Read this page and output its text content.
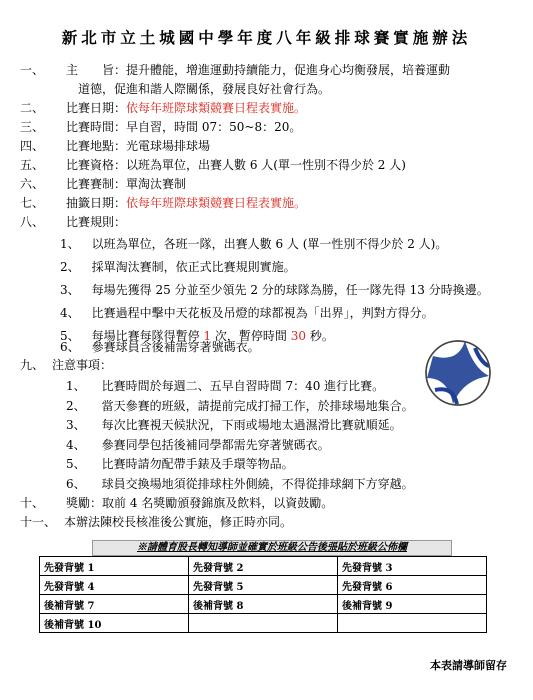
新北市立土城國中學年度八年級排球賽實施辦法
一、 主　　旨：提升體能，增進運動持續能力，促進身心均衡發展，培養運動
道德，促進和諧人際關係，發展良好社會行為。
二、 比賽日期：依每年班際球類競賽日程表實施。
三、 比賽時間：早自習，時間 07：50~8：20。
四、 比賽地點：光電球場排球場
五、 比賽資格：以班為單位，出賽人數 6 人(單一性別不得少於 2 人)
六、 比賽賽制：單淘汰賽制
七、 抽籤日期：依每年班際球類競賽日程表實施。
八、 比賽規則：
1、 以班為單位，各班一隊，出賽人數 6 人 (單一性別不得少於 2 人)。
2、 採單淘汰賽制，依正式比賽規則實施。
3、 每場先獲得 25 分並至少領先 2 分的球隊為勝，任一隊先得 13 分時換邊。
4、 比賽過程中擊中天花板及吊燈的球都視為「出界」，判對方得分。
5、 每場比賽每隊得暫停 1 次，暫停時間 30 秒。
6、 參賽球員含後補需穿著號碼衣。
九、 注意事項：
1、 比賽時間於每週二、五早自習時間 7：40 進行比賽。
2、 當天參賽的班級，請提前完成打掃工作，於排球場地集合。
3、 每次比賽視天候狀況，下雨或場地太過濕滑比賽就順延。
4、 參賽同學包括後補同學都需先穿著號碼衣。
5、 比賽時請勿配帶手錶及手環等物品。
6、 球員交換場地須從排球柱外側繞，不得從排球網下方穿越。
十、 獎勵：取前 4 名獎勵頒發錦旗及飲料，以資鼓勵。
十一、 本辦法陳校長核准後公實施，修正時亦同。
※請體育股長轉知導師並確實於班級公告後張貼於班級公佈欄
先發背號 1	先發背號 2	先發背號 3
先發背號 4	先發背號 5	先發背號 6
後補背號 7	後補背號 8	後補背號 9
後補背號 10		
本表請導師留存
